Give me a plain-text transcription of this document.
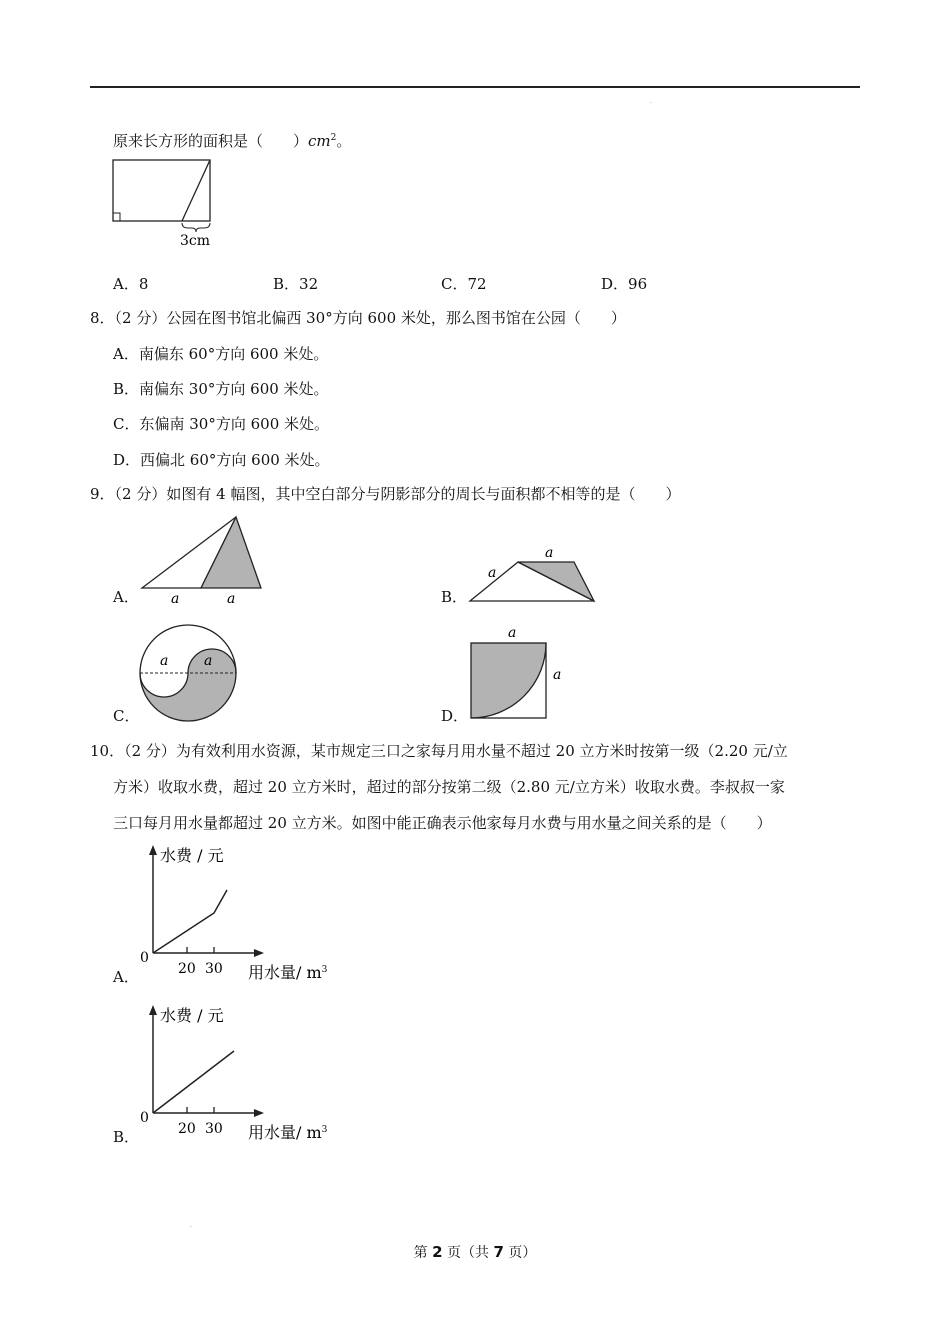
.
原来长方形的面积是（　　）$cm^2$。
3cm
A．8	B．32	C．72	D．96
8．（2 分）公园在图书馆北偏西 30°方向 600 米处，那么图书馆在公园（　　）
A．南偏东 60°方向 600 米处。
B．南偏东 30°方向 600 米处。
C．东偏南 30°方向 600 米处。
D．西偏北 60°方向 600 米处。
9．（2 分）如图有 4 幅图，其中空白部分与阴影部分的周长与面积都不相等的是（　　）
A． a	a	B．
a
a
C．
a	a
D．
a
a
10．（2 分）为有效利用水资源，某市规定三口之家每月用水量不超过 20 立方米时按第一级（2.20 元/立
方米）收取水费，超过 20 立方米时，超过的部分按第二级（2.80 元/立方米）收取水费。李叔叔一家
三口每月用水量都超过 20 立方米。如图中能正确表示他家每月水费与用水量之间关系的是（　　）
水费 / 元
0
20 30 用水量/ $m^3$
A．
水费 / 元
0
20 30 用水量/ $m^3$
B．
.
第 2 页（共 7 页）
